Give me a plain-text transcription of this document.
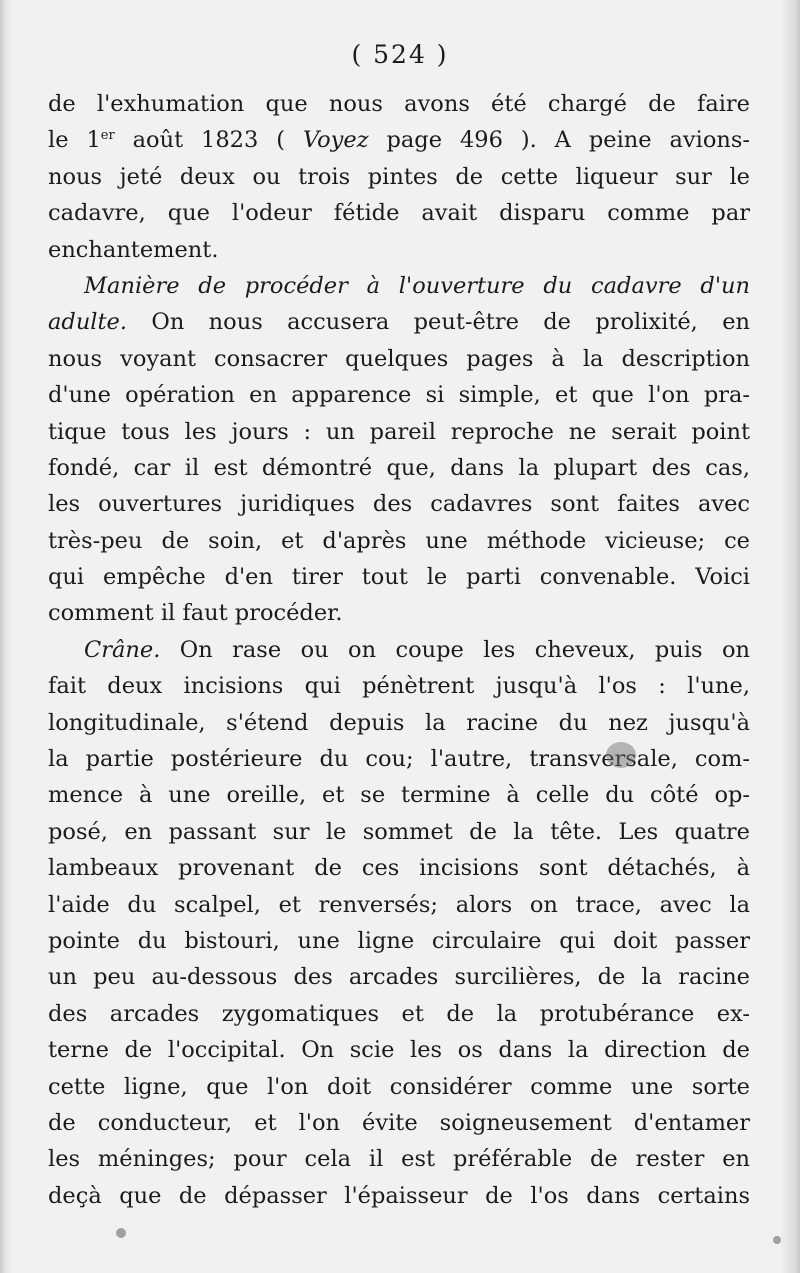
( 524 )
de l'exhumation que nous avons été chargé de faire
le 1er août 1823 ( Voyez page 496 ). A peine avions-
nous jeté deux ou trois pintes de cette liqueur sur le
cadavre, que l'odeur fétide avait disparu comme par
enchantement.
Manière de procéder à l'ouverture du cadavre d'un
adulte. On nous accusera peut-être de prolixité, en
nous voyant consacrer quelques pages à la description
d'une opération en apparence si simple, et que l'on pra-
tique tous les jours : un pareil reproche ne serait point
fondé, car il est démontré que, dans la plupart des cas,
les ouvertures juridiques des cadavres sont faites avec
très-peu de soin, et d'après une méthode vicieuse; ce
qui empêche d'en tirer tout le parti convenable. Voici
comment il faut procéder.
Crâne. On rase ou on coupe les cheveux, puis on
fait deux incisions qui pénètrent jusqu'à l'os : l'une,
longitudinale, s'étend depuis la racine du nez jusqu'à
la partie postérieure du cou; l'autre, transversale, com-
mence à une oreille, et se termine à celle du côté op-
posé, en passant sur le sommet de la tête. Les quatre
lambeaux provenant de ces incisions sont détachés, à
l'aide du scalpel, et renversés; alors on trace, avec la
pointe du bistouri, une ligne circulaire qui doit passer
un peu au-dessous des arcades surcilières, de la racine
des arcades zygomatiques et de la protubérance ex-
terne de l'occipital. On scie les os dans la direction de
cette ligne, que l'on doit considérer comme une sorte
de conducteur, et l'on évite soigneusement d'entamer
les méninges; pour cela il est préférable de rester en
deçà que de dépasser l'épaisseur de l'os dans certains
